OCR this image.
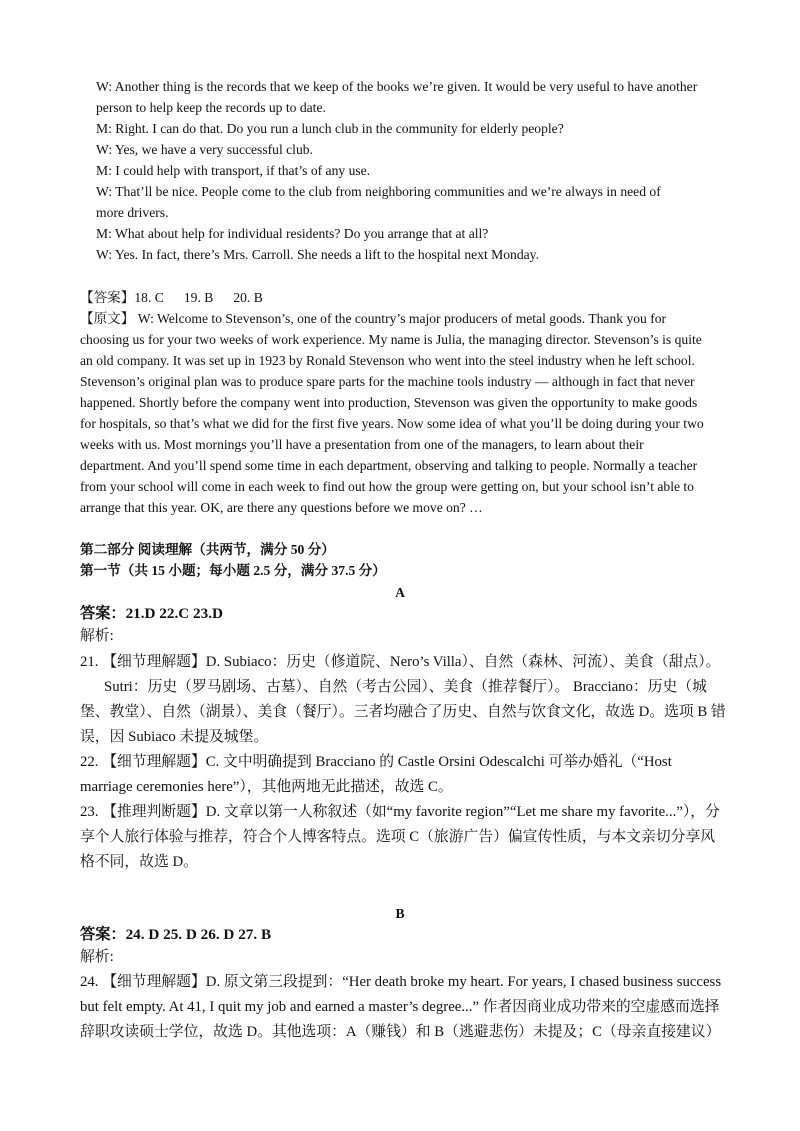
W: Another thing is the records that we keep of the books we’re given. It would be very useful to have another
person to help keep the records up to date.
M: Right. I can do that. Do you run a lunch club in the community for elderly people?
W: Yes, we have a very successful club.
M: I could help with transport, if that’s of any use.
W: That’ll be nice. People come to the club from neighboring communities and we’re always in need of
more drivers.
M: What about help for individual residents? Do you arrange that at all?
W: Yes. In fact, there’s Mrs. Carroll. She needs a lift to the hospital next Monday.
【答案】18. C 19. B 20. B
【原文】 W: Welcome to Stevenson’s, one of the country’s major producers of metal goods. Thank you for
choosing us for your two weeks of work experience. My name is Julia, the managing director. Stevenson’s is quite
an old company. It was set up in 1923 by Ronald Stevenson who went into the steel industry when he left school.
Stevenson’s original plan was to produce spare parts for the machine tools industry — although in fact that never
happened. Shortly before the company went into production, Stevenson was given the opportunity to make goods
for hospitals, so that’s what we did for the first five years. Now some idea of what you’ll be doing during your two
weeks with us. Most mornings you’ll have a presentation from one of the managers, to learn about their
department. And you’ll spend some time in each department, observing and talking to people. Normally a teacher
from your school will come in each week to find out how the group were getting on, but your school isn’t able to
arrange that this year. OK, are there any questions before we move on? …
第二部分 阅读理解（共两节，满分 50 分）
第一节（共 15 小题；每小题 2.5 分，满分 37.5 分）
A
答案：21.D 22.C 23.D
解析:
21. 【细节理解题】D. Subiaco：历史（修道院、Nero’s Villa）、自然（森林、河流）、美食（甜点）。
Sutri：历史（罗马剧场、古墓）、自然（考古公园）、美食（推荐餐厅）。 Bracciano：历史（城
堡、教堂）、自然（湖景）、美食（餐厅）。三者均融合了历史、自然与饮食文化，故选 D。选项 B 错
误，因 Subiaco 未提及城堡。
22. 【细节理解题】C. 文中明确提到 Bracciano 的 Castle Orsini Odescalchi 可举办婚礼（“Host
marriage ceremonies here”），其他两地无此描述，故选 C。
23. 【推理判断题】D. 文章以第一人称叙述（如“my favorite region”“Let me share my favorite...”），分
享个人旅行体验与推荐，符合个人博客特点。选项 C（旅游广告）偏宣传性质，与本文亲切分享风
格不同，故选 D。
B
答案：24. D 25. D 26. D 27. B
解析:
24. 【细节理解题】D. 原文第三段提到：“Her death broke my heart. For years, I chased business success
but felt empty. At 41, I quit my job and earned a master’s degree...” 作者因商业成功带来的空虚感而选择
辞职攻读硕士学位，故选 D。其他选项：A（赚钱）和 B（逃避悲伤）未提及；C（母亲直接建议）
